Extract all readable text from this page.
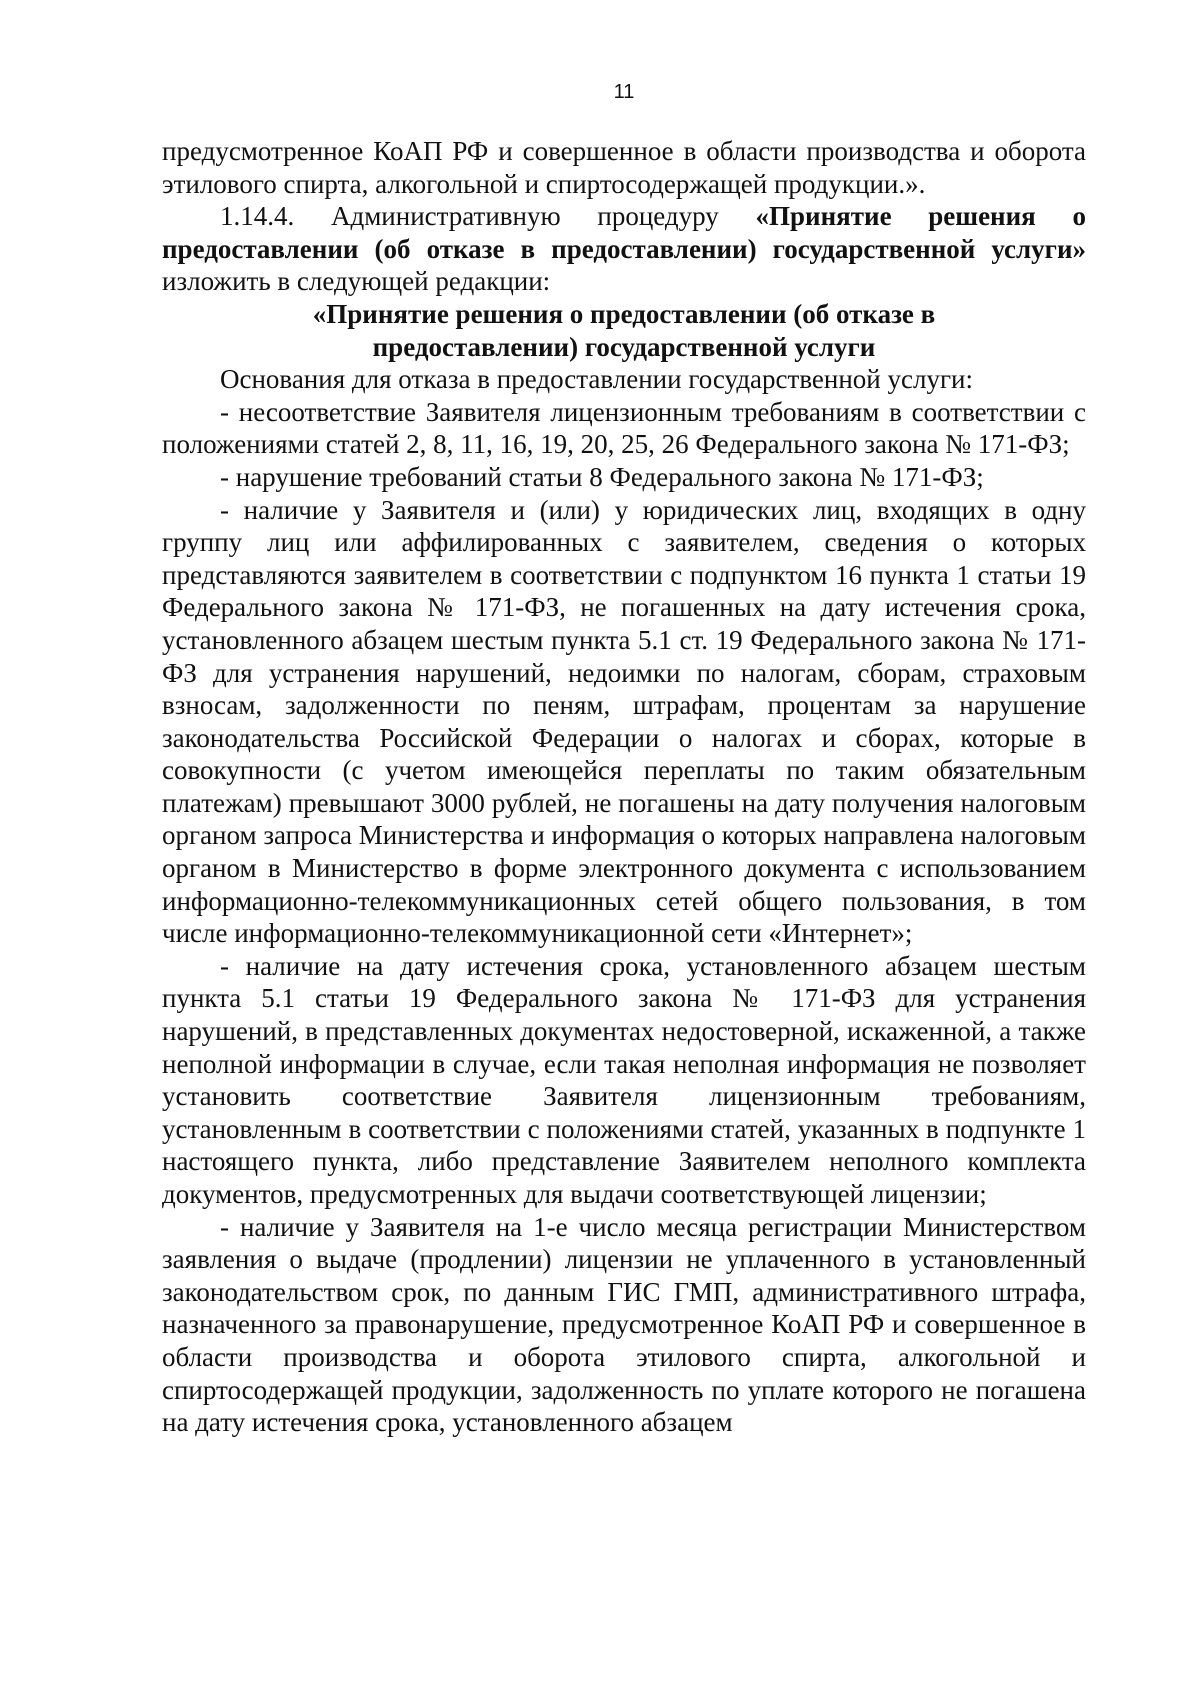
11

предусмотренное КоАП РФ и совершенное в области производства и оборота этилового спирта, алкогольной и спиртосодержащей продукции.».

1.14.4. Административную процедуру «Принятие решения о предоставлении (об отказе в предоставлении) государственной услуги» изложить в следующей редакции:

«Принятие решения о предоставлении (об отказе в
предоставлении) государственной услуги

Основания для отказа в предоставлении государственной услуги:

- несоответствие Заявителя лицензионным требованиям в соответствии с положениями статей 2, 8, 11, 16, 19, 20, 25, 26 Федерального закона № 171-ФЗ;

- нарушение требований статьи 8 Федерального закона № 171-ФЗ;

- наличие у Заявителя и (или) у юридических лиц, входящих в одну группу лиц или аффилированных с заявителем, сведения о которых представляются заявителем в соответствии с подпунктом 16 пункта 1 статьи 19 Федерального закона № 171-ФЗ, не погашенных на дату истечения срока, установленного абзацем шестым пункта 5.1 ст. 19 Федерального закона № 171-ФЗ для устранения нарушений, недоимки по налогам, сборам, страховым взносам, задолженности по пеням, штрафам, процентам за нарушение законодательства Российской Федерации о налогах и сборах, которые в совокупности (с учетом имеющейся переплаты по таким обязательным платежам) превышают 3000 рублей, не погашены на дату получения налоговым органом запроса Министерства и информация о которых направлена налоговым органом в Министерство в форме электронного документа с использованием информационно-телекоммуникационных сетей общего пользования, в том числе информационно-телекоммуникационной сети «Интернет»;

- наличие на дату истечения срока, установленного абзацем шестым пункта 5.1 статьи 19 Федерального закона № 171-ФЗ для устранения нарушений, в представленных документах недостоверной, искаженной, а также неполной информации в случае, если такая неполная информация не позволяет установить соответствие Заявителя лицензионным требованиям, установленным в соответствии с положениями статей, указанных в подпункте 1 настоящего пункта, либо представление Заявителем неполного комплекта документов, предусмотренных для выдачи соответствующей лицензии;

- наличие у Заявителя на 1-е число месяца регистрации Министерством заявления о выдаче (продлении) лицензии не уплаченного в установленный законодательством срок, по данным ГИС ГМП, административного штрафа, назначенного за правонарушение, предусмотренное КоАП РФ и совершенное в области производства и оборота этилового спирта, алкогольной и спиртосодержащей продукции, задолженность по уплате которого не погашена на дату истечения срока, установленного абзацем
